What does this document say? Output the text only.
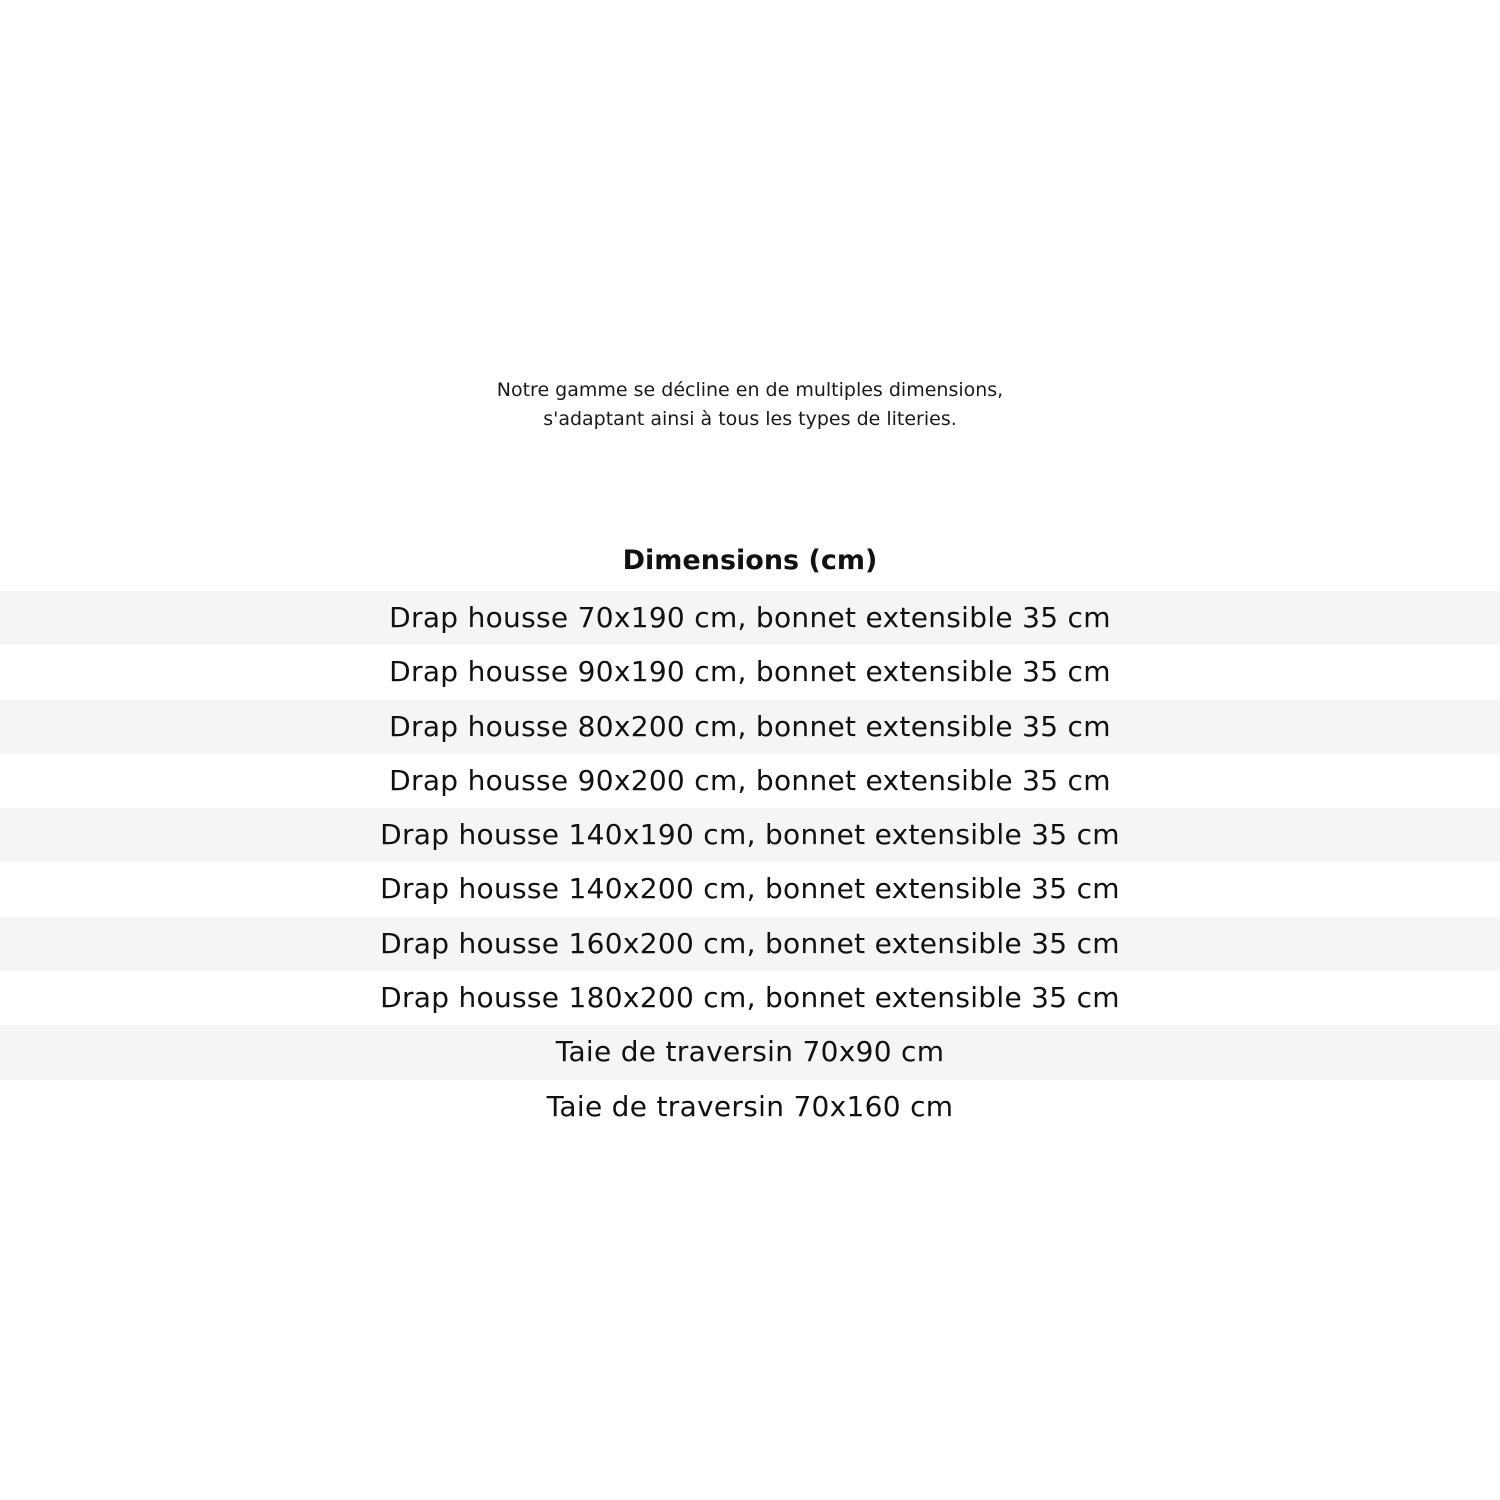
Notre gamme se décline en de multiples dimensions,
s'adaptant ainsi à tous les types de literies.
Dimensions (cm)
Drap housse 70x190 cm, bonnet extensible 35 cm
Drap housse 90x190 cm, bonnet extensible 35 cm
Drap housse 80x200 cm, bonnet extensible 35 cm
Drap housse 90x200 cm, bonnet extensible 35 cm
Drap housse 140x190 cm, bonnet extensible 35 cm
Drap housse 140x200 cm, bonnet extensible 35 cm
Drap housse 160x200 cm, bonnet extensible 35 cm
Drap housse 180x200 cm, bonnet extensible 35 cm
Taie de traversin 70x90 cm
Taie de traversin 70x160 cm
